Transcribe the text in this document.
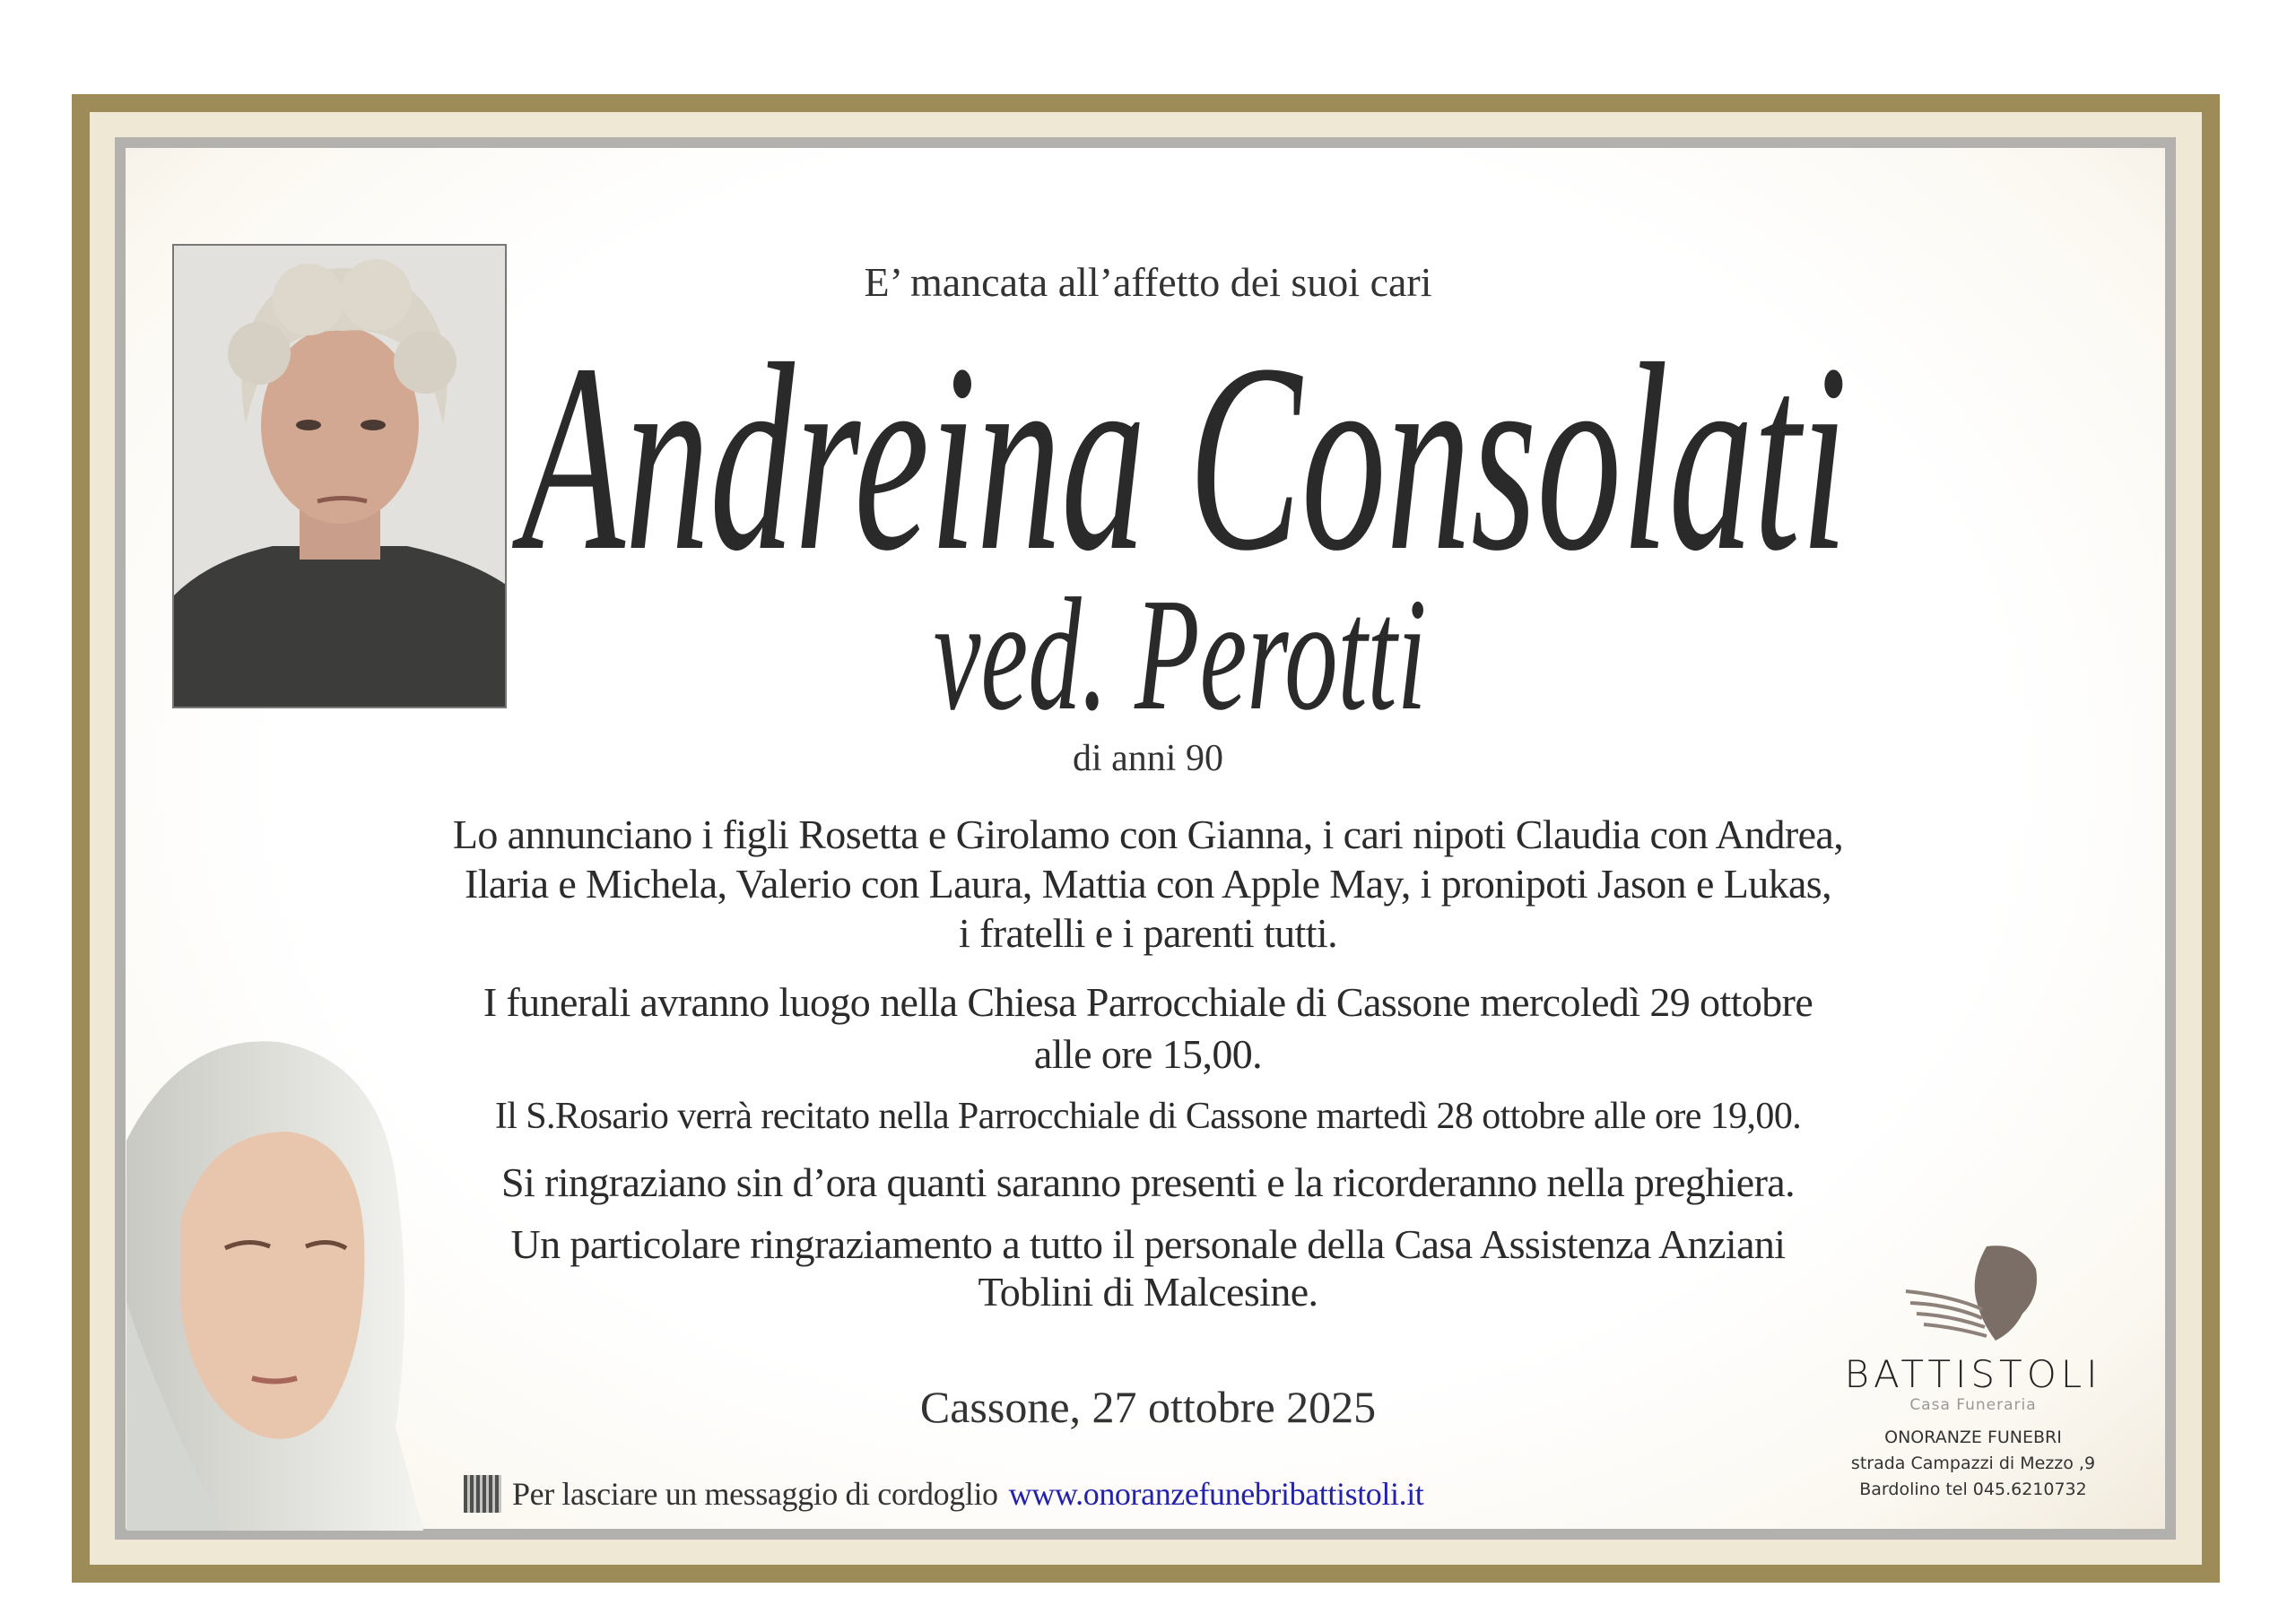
E’ mancata all’affetto dei suoi cari
Andreina Consolati
ved. Perotti
di anni 90
Lo annunciano i figli Rosetta e Girolamo con Gianna, i cari nipoti Claudia con Andrea,
Ilaria e Michela, Valerio con Laura, Mattia con Apple May, i pronipoti Jason e Lukas,
i fratelli e i parenti tutti.
I funerali avranno luogo nella Chiesa Parrocchiale di Cassone mercoledì 29 ottobre
alle ore 15,00.
Il S.Rosario verrà recitato nella Parrocchiale di Cassone martedì 28 ottobre alle ore 19,00.
Si ringraziano sin d’ora quanti saranno presenti e la ricorderanno nella preghiera.
Un particolare ringraziamento a tutto il personale della Casa Assistenza Anziani
Toblini di Malcesine.
Cassone, 27 ottobre 2025
Per lasciare un messaggio di cordoglio www.onoranzefunebribattistoli.it
BATTISTOLI
Casa Funeraria
ONORANZE FUNEBRI
strada Campazzi di Mezzo ,9
Bardolino tel 045.6210732
